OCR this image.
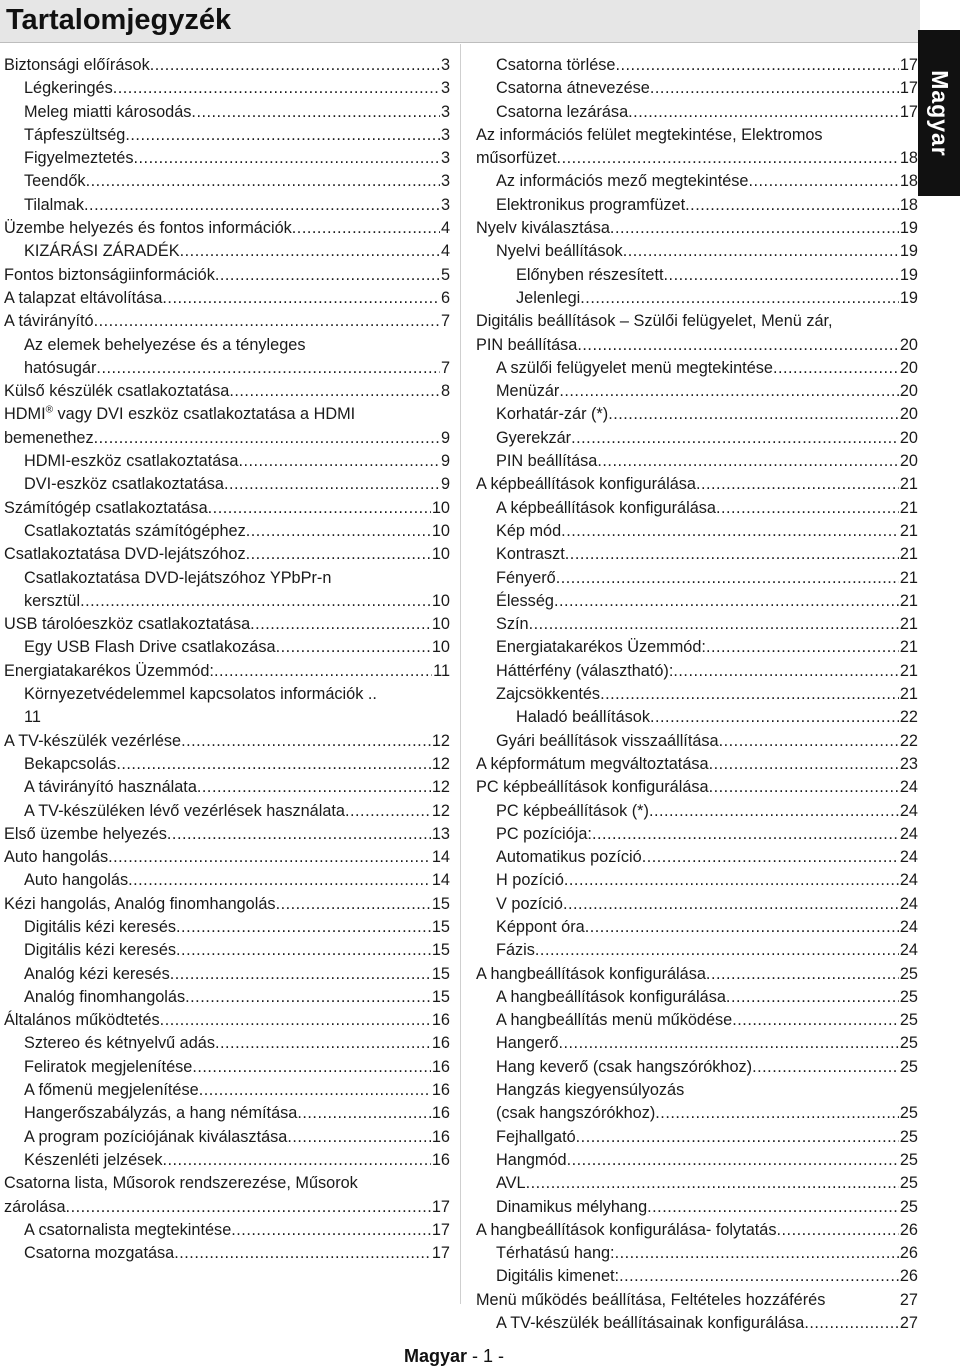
Tartalomjegyzék
Magyar
Biztonsági előírások .....	3
Légkeringés .....	3
Meleg miatti károsodás .....	3
Tápfeszültség .....	3
Figyelmeztetés .....	3
Teendők .....	3
Tilalmak .....	3
Üzembe helyezés és fontos információk .....	4
KIZÁRÁSI ZÁRADÉK .....	4
Fontos biztonságiinformációk .....	5
A talapzat eltávolítása .....	6
A távirányító .....	7
Az elemek behelyezése és a tényleges
hatósugár .....	7
Külső készülék csatlakoztatása .....	8
HDMI® vagy DVI eszköz csatlakoztatása a HDMI
bemenethez .....	9
HDMI-eszköz csatlakoztatása .....	9
DVI-eszköz csatlakoztatása .....	9
Számítógép csatlakoztatása .....	10
Csatlakoztatás számítógéphez .....	10
Csatlakoztatása DVD-lejátszóhoz .....	10
Csatlakoztatása DVD-lejátszóhoz YPbPr-n
kersztül .....	10
USB tárolóeszköz csatlakoztatása .....	10
Egy USB Flash Drive csatlakozása .....	10
Energiatakarékos Üzemmód: .....	11
Környezetvédelemmel kapcsolatos információk ..
11
A TV-készülék vezérlése .....	12
Bekapcsolás .....	12
A távirányító használata .....	12
A TV-készüléken lévő vezérlések használata .....	12
Első üzembe helyezés .....	13
Auto hangolás .....	14
Auto hangolás .....	14
Kézi hangolás, Analóg finomhangolás .....	15
Digitális kézi keresés .....	15
Digitális kézi keresés .....	15
Analóg kézi keresés .....	15
Analóg finomhangolás .....	15
Általános működtetés .....	16
Sztereo és kétnyelvű adás .....	16
Feliratok megjelenítése .....	16
A főmenü megjelenítése .....	16
Hangerőszabályzás, a hang némítása .....	16
A program pozíciójának kiválasztása .....	16
Készenléti jelzések .....	16
Csatorna lista, Műsorok rendszerezése, Műsorok
zárolása .....	17
A csatornalista megtekintése .....	17
Csatorna mozgatása .....	17
Csatorna törlése .....	17
Csatorna átnevezése .....	17
Csatorna lezárása .....	17
Az információs felület megtekintése, Elektromos
műsorfüzet .....	18
Az információs mező megtekintése .....	18
Elektronikus programfüzet .....	18
Nyelv kiválasztása .....	19
Nyelvi beállítások .....	19
Előnyben részesített .....	19
Jelenlegi .....	19
Digitális beállítások – Szülői felügyelet, Menü zár,
PIN beállítása .....	20
A szülői felügyelet menü megtekintése .....	20
Menüzár .....	20
Korhatár-zár (*) .....	20
Gyerekzár .....	20
PIN beállítása .....	20
A képbeállítások konfigurálása .....	21
A képbeállítások konfigurálása .....	21
Kép mód .....	21
Kontraszt .....	21
Fényerő .....	21
Élesség .....	21
Szín .....	21
Energiatakarékos Üzemmód: .....	21
Háttérfény (választható): .....	21
Zajcsökkentés .....	21
Haladó beállítások .....	22
Gyári beállítások visszaállítása .....	22
A képformátum megváltoztatása .....	23
PC képbeállítások konfigurálása .....	24
PC képbeállítások (*) .....	24
PC pozíciója: .....	24
Automatikus pozíció .....	24
H pozíció .....	24
V pozíció .....	24
Képpont óra .....	24
Fázis .....	24
A hangbeállítások konfigurálása .....	25
A hangbeállítások konfigurálása .....	25
A hangbeállítás menü működése .....	25
Hangerő .....	25
Hang keverő (csak hangszórókhoz) .....	25
Hangzás kiegyensúlyozás
(csak hangszórókhoz) .....	25
Fejhallgató .....	25
Hangmód .....	25
AVL .....	25
Dinamikus mélyhang .....	25
A hangbeállítások konfigurálása- folytatás .....	26
Térhatású hang: .....	26
Digitális kimenet: .....	26
Menü működés beállítása, Feltételes hozzáférés	27
A TV-készülék beállításainak konfigurálása .....	27
Magyar - 1 -
